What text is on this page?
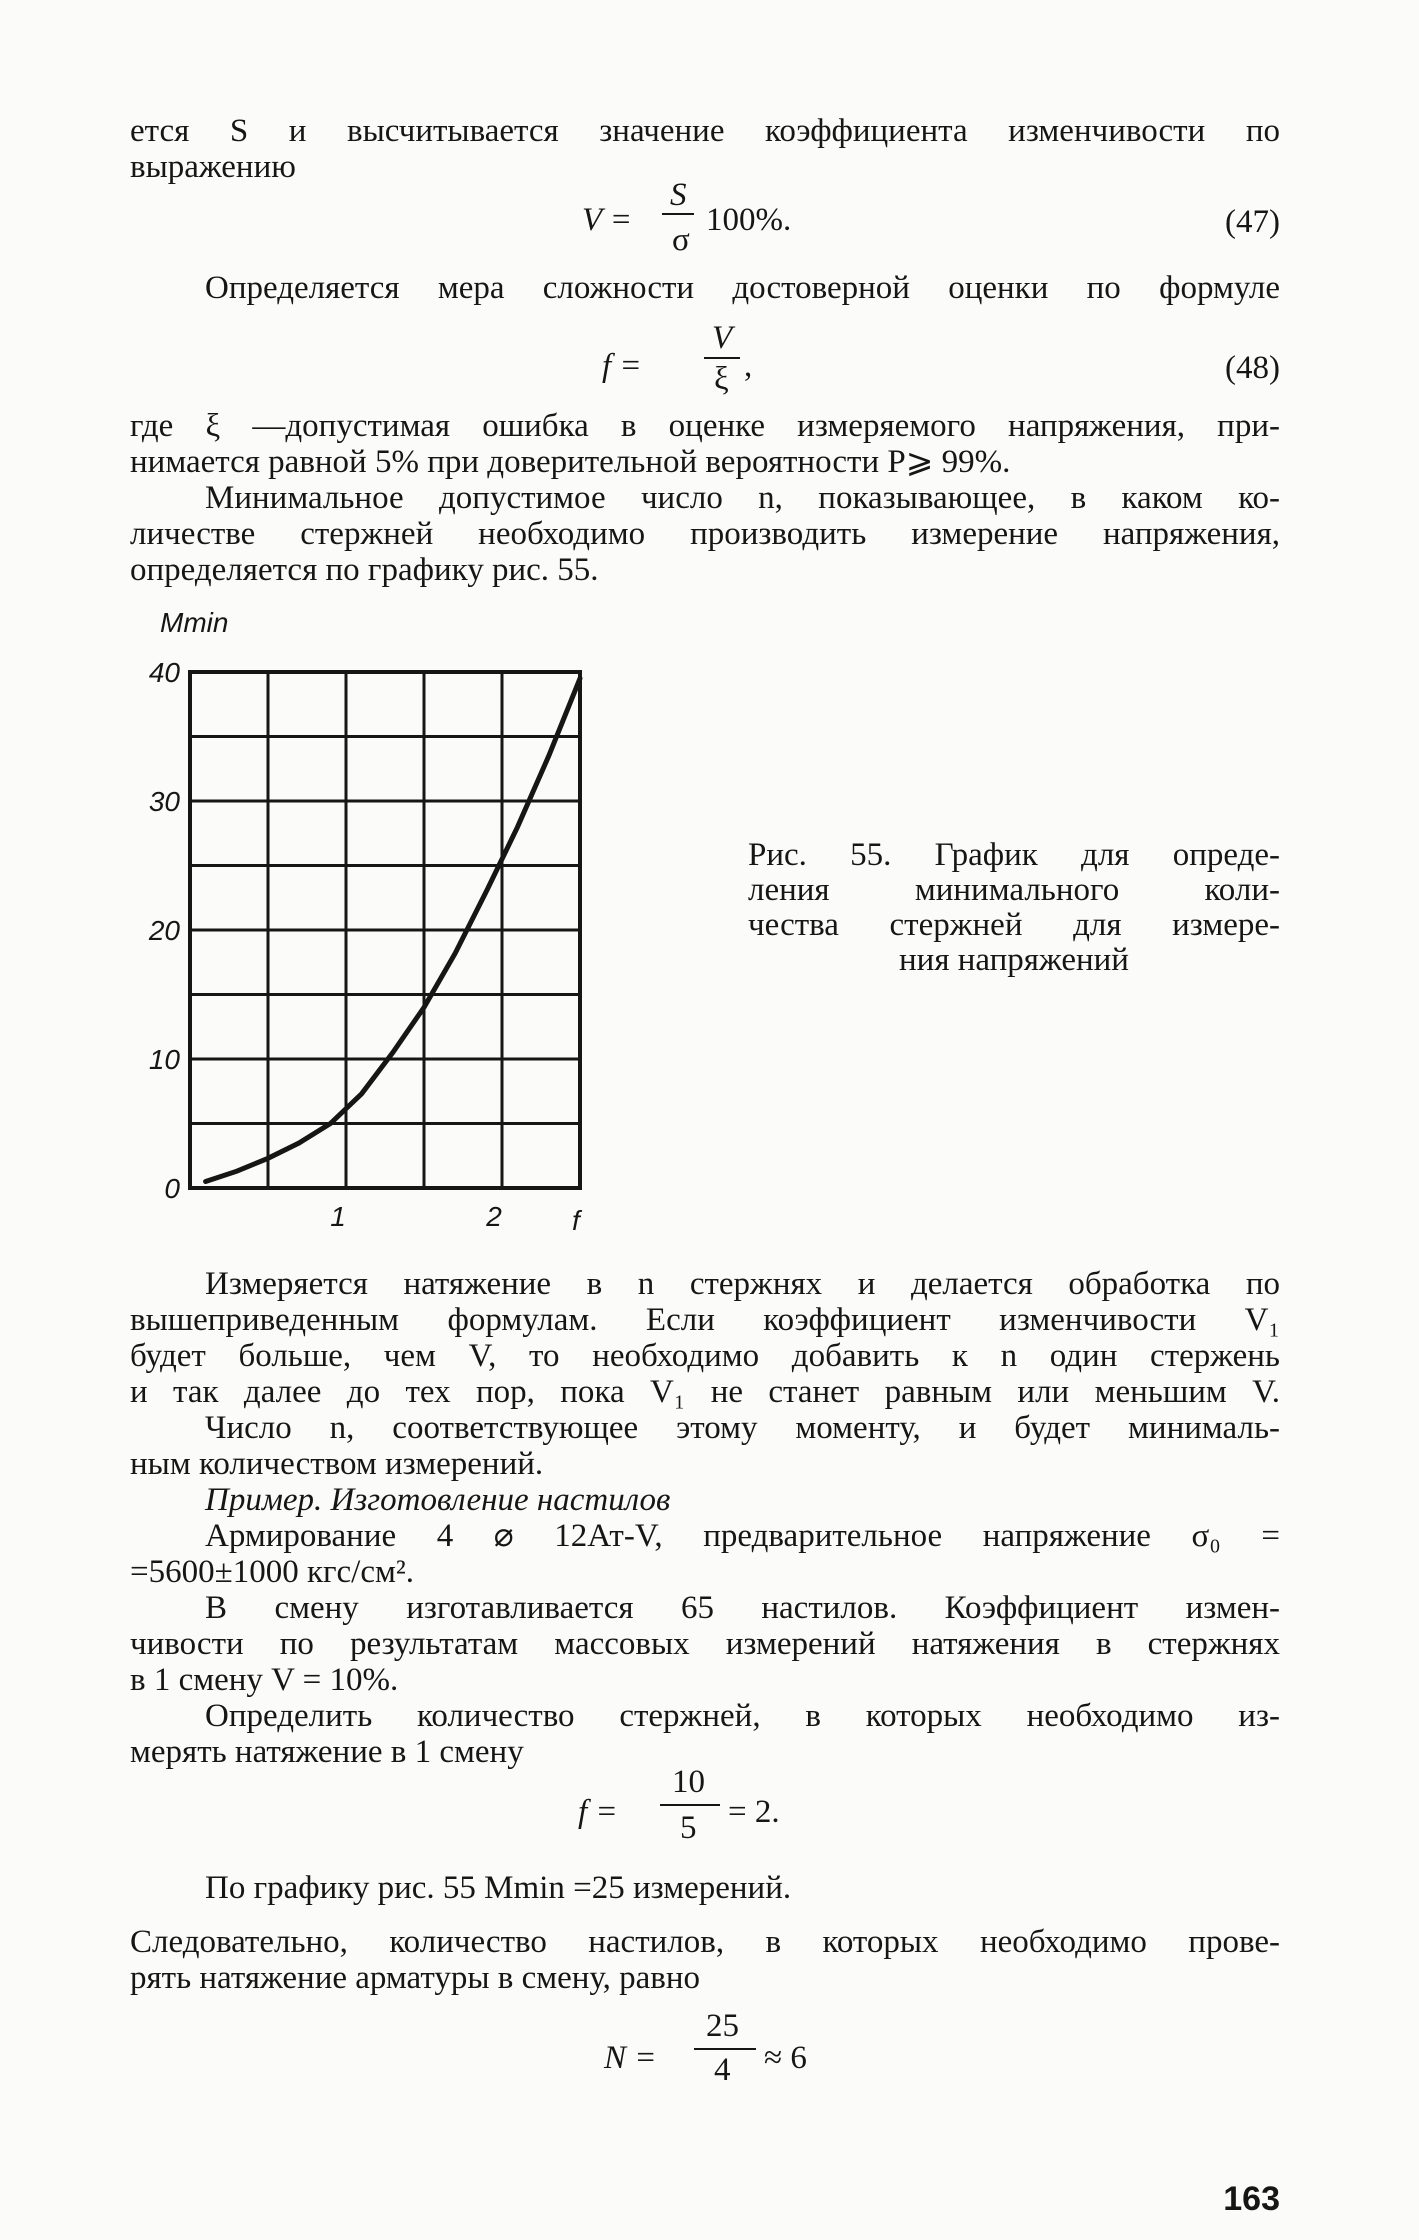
ется S и высчитывается значение коэффициента изменчивости по
выражению
V =
S
σ
100%.	(47)
Определяется мера сложности достоверной оценки по формуле
f =
V
ξ ,	(48)
где ξ —допустимая ошибка в оценке измеряемого напряжения, при-
нимается равной 5% при доверительной вероятности P⩾ 99%.
Минимальное допустимое число n, показывающее, в каком ко-
личестве стержней необходимо производить измерение напряжения,
определяется по графику рис. 55.
0
10
20
30
40
1	2
Mmin
f
Рис. 55. График для опреде-
ления минимального коли-
чества стержней для измере-
ния напряжений
Измеряется натяжение в n стержнях и делается обработка по
вышеприведенным формулам. Если коэффициент изменчивости V₁
будет больше, чем V, то необходимо добавить к n один стержень
и так далее до тех пор, пока V₁ не станет равным или меньшим V.
Число n, соответствующее этому моменту, и будет минималь-
ным количеством измерений.
Пример. Изготовление настилов
Армирование 4 ⌀ 12Ат-V, предварительное напряжение σ₀ =
=5600±1000 кгс/см².
В смену изготавливается 65 настилов. Коэффициент измен-
чивости по результатам массовых измерений натяжения в стержнях
в 1 смену V = 10%.
Определить количество стержней, в которых необходимо из-
мерять натяжение в 1 смену
f =
10
5 = 2.
По графику рис. 55 Mmin =25 измерений.
Следовательно, количество настилов, в которых необходимо прове-
рять натяжение арматуры в смену, равно
N =
25
4 ≈ 6
163
